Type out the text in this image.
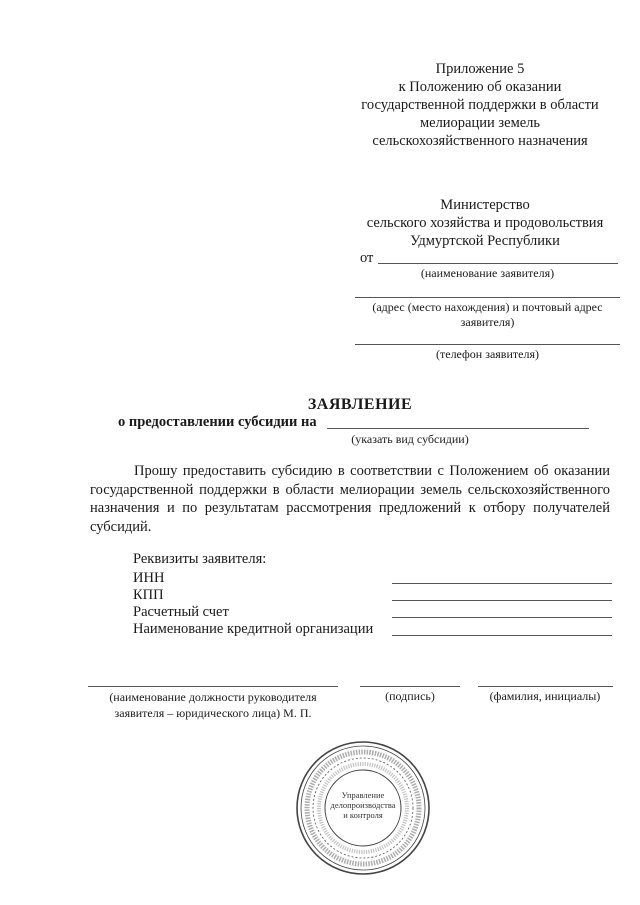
Приложение 5
к Положению об оказании
государственной поддержки в области
мелиорации земель
сельскохозяйственного назначения
Министерство
сельского хозяйства и продовольствия
Удмуртской Республики
от
(наименование заявителя)
(адрес (место нахождения) и почтовый адрес заявителя)
(телефон заявителя)
ЗАЯВЛЕНИЕ
о предоставлении субсидии на
(указать вид субсидии)
Прошу предоставить субсидию в соответствии с Положением об оказании государственной поддержки в области мелиорации земель сельскохозяйственного назначения и по результатам рассмотрения предложений к отбору получателей субсидий.
Реквизиты заявителя:
ИНН
КПП
Расчетный счет
Наименование кредитной организации
(наименование должности руководителя заявителя – юридического лица) М. П.
(подпись)	(фамилия, инициалы)
Управление
делопроизводства
и контроля
